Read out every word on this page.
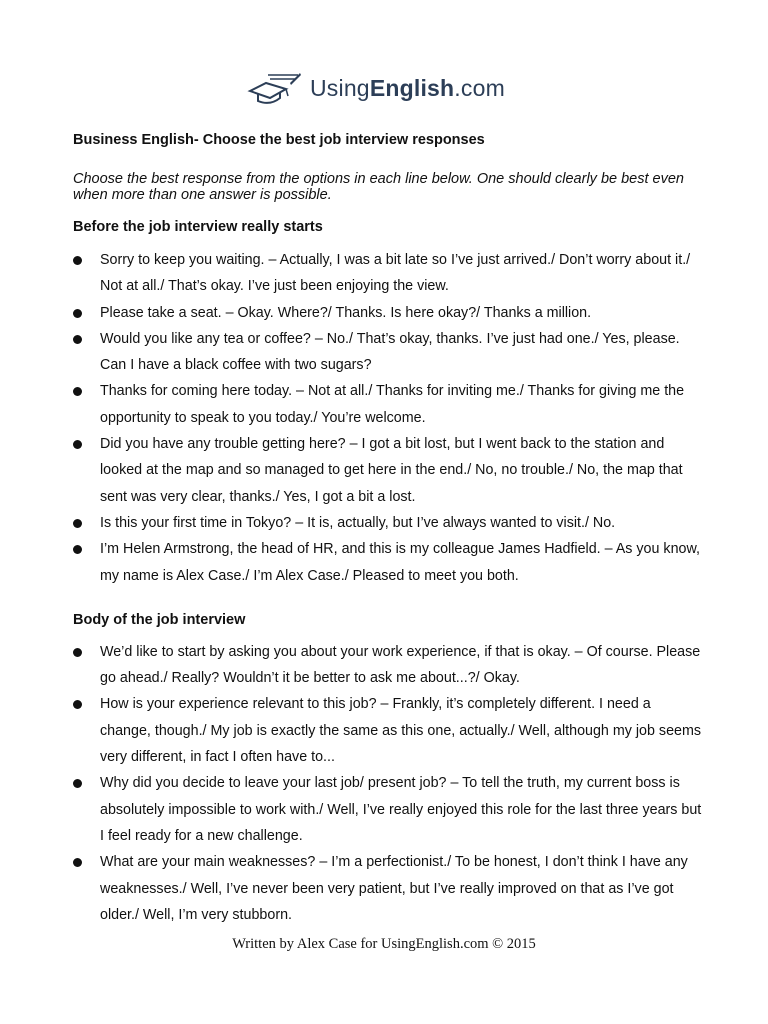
UsingEnglish.com
Business English- Choose the best job interview responses
Choose the best response from the options in each line below. One should clearly be best even when more than one answer is possible.
Before the job interview really starts
Sorry to keep you waiting. – Actually, I was a bit late so I’ve just arrived./ Don’t worry about it./ Not at all./ That’s okay. I’ve just been enjoying the view.
Please take a seat. – Okay. Where?/ Thanks. Is here okay?/ Thanks a million.
Would you like any tea or coffee? – No./ That’s okay, thanks. I’ve just had one./ Yes, please. Can I have a black coffee with two sugars?
Thanks for coming here today. – Not at all./ Thanks for inviting me./ Thanks for giving me the opportunity to speak to you today./ You’re welcome.
Did you have any trouble getting here? – I got a bit lost, but I went back to the station and looked at the map and so managed to get here in the end./ No, no trouble./ No, the map that sent was very clear, thanks./ Yes, I got a bit a lost.
Is this your first time in Tokyo? – It is, actually, but I’ve always wanted to visit./ No.
I’m Helen Armstrong, the head of HR, and this is my colleague James Hadfield. – As you know, my name is Alex Case./ I’m Alex Case./ Pleased to meet you both.
Body of the job interview
We’d like to start by asking you about your work experience, if that is okay. – Of course. Please go ahead./ Really? Wouldn’t it be better to ask me about...?/ Okay.
How is your experience relevant to this job? – Frankly, it’s completely different. I need a change, though./ My job is exactly the same as this one, actually./ Well, although my job seems very different, in fact I often have to...
Why did you decide to leave your last job/ present job? – To tell the truth, my current boss is absolutely impossible to work with./ Well, I’ve really enjoyed this role for the last three years but I feel ready for a new challenge.
What are your main weaknesses? – I’m a perfectionist./ To be honest, I don’t think I have any weaknesses./ Well, I’ve never been very patient, but I’ve really improved on that as I’ve got older./ Well, I’m very stubborn.
Written by Alex Case for UsingEnglish.com © 2015
